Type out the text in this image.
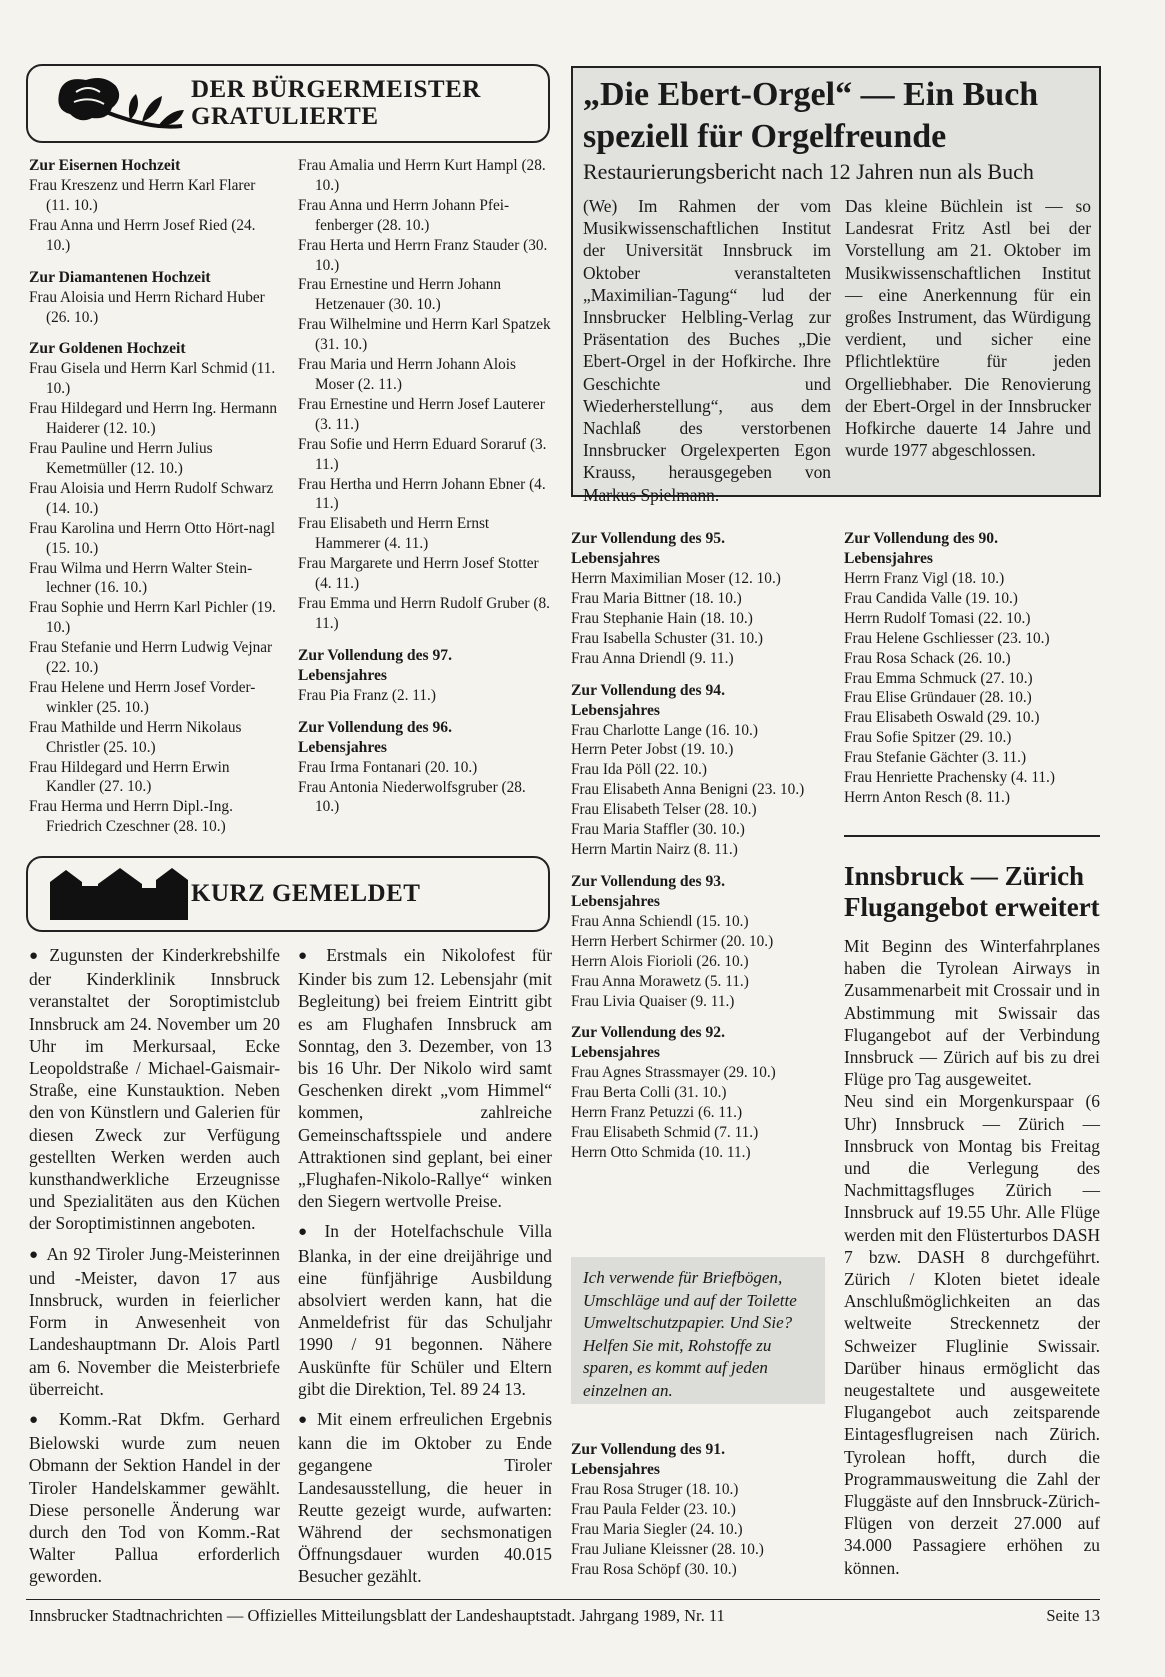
DER BÜRGERMEISTER
GRATULIERTE
Zur Eisernen Hochzeit

Frau Kreszenz und Herrn Karl Flarer (11. 10.)

Frau Anna und Herrn Josef Ried (24. 10.)

Zur Diamantenen Hochzeit

Frau Aloisia und Herrn Richard Huber (26. 10.)

Zur Goldenen Hochzeit

Frau Gisela und Herrn Karl Schmid (11. 10.)

Frau Hildegard und Herrn Ing. Hermann Haiderer (12. 10.)

Frau Pauline und Herrn Julius Kemetmüller (12. 10.)

Frau Aloisia und Herrn Rudolf Schwarz (14. 10.)

Frau Karolina und Herrn Otto Hört-nagl (15. 10.)

Frau Wilma und Herrn Walter Stein-lechner (16. 10.)

Frau Sophie und Herrn Karl Pichler (19. 10.)

Frau Stefanie und Herrn Ludwig Vejnar (22. 10.)

Frau Helene und Herrn Josef Vorder-winkler (25. 10.)

Frau Mathilde und Herrn Nikolaus Christler (25. 10.)

Frau Hildegard und Herrn Erwin Kandler (27. 10.)

Frau Herma und Herrn Dipl.-Ing. Friedrich Czeschner (28. 10.)

Frau Amalia und Herrn Kurt Hampl (28. 10.)

Frau Anna und Herrn Johann Pfei-fenberger (28. 10.)

Frau Herta und Herrn Franz Stauder (30. 10.)

Frau Ernestine und Herrn Johann Hetzenauer (30. 10.)

Frau Wilhelmine und Herrn Karl Spatzek (31. 10.)

Frau Maria und Herrn Johann Alois Moser (2. 11.)

Frau Ernestine und Herrn Josef Lauterer (3. 11.)

Frau Sofie und Herrn Eduard Soraruf (3. 11.)

Frau Hertha und Herrn Johann Ebner (4. 11.)

Frau Elisabeth und Herrn Ernst Hammerer (4. 11.)

Frau Margarete und Herrn Josef Stotter (4. 11.)

Frau Emma und Herrn Rudolf Gruber (8. 11.)

Zur Vollendung des 97. Lebensjahres

Frau Pia Franz (2. 11.)

Zur Vollendung des 96. Lebensjahres

Frau Irma Fontanari (20. 10.)

Frau Antonia Niederwolfsgruber (28. 10.)

Zur Vollendung des 95. Lebensjahres

Herrn Maximilian Moser (12. 10.)

Frau Maria Bittner (18. 10.)

Frau Stephanie Hain (18. 10.)

Frau Isabella Schuster (31. 10.)

Frau Anna Driendl (9. 11.)

Zur Vollendung des 94. Lebensjahres

Frau Charlotte Lange (16. 10.)

Herrn Peter Jobst (19. 10.)

Frau Ida Pöll (22. 10.)

Frau Elisabeth Anna Benigni (23. 10.)

Frau Elisabeth Telser (28. 10.)

Frau Maria Staffler (30. 10.)

Herrn Martin Nairz (8. 11.)

Zur Vollendung des 93. Lebensjahres

Frau Anna Schiendl (15. 10.)

Herrn Herbert Schirmer (20. 10.)

Herrn Alois Fiorioli (26. 10.)

Frau Anna Morawetz (5. 11.)

Frau Livia Quaiser (9. 11.)

Zur Vollendung des 92. Lebensjahres

Frau Agnes Strassmayer (29. 10.)

Frau Berta Colli (31. 10.)

Herrn Franz Petuzzi (6. 11.)

Frau Elisabeth Schmid (7. 11.)

Herrn Otto Schmida (10. 11.)

Zur Vollendung des 91. Lebensjahres

Frau Rosa Struger (18. 10.)

Frau Paula Felder (23. 10.)

Frau Maria Siegler (24. 10.)

Frau Juliane Kleissner (28. 10.)

Frau Rosa Schöpf (30. 10.)

Zur Vollendung des 90. Lebensjahres

Herrn Franz Vigl (18. 10.)

Frau Candida Valle (19. 10.)

Herrn Rudolf Tomasi (22. 10.)

Frau Helene Gschliesser (23. 10.)

Frau Rosa Schack (26. 10.)

Frau Emma Schmuck (27. 10.)

Frau Elise Gründauer (28. 10.)

Frau Elisabeth Oswald (29. 10.)

Frau Sofie Spitzer (29. 10.)

Frau Stefanie Gächter (3. 11.)

Frau Henriette Prachensky (4. 11.)

Herrn Anton Resch (8. 11.)

„Die Ebert-Orgel“ — Ein Buch speziell für Orgelfreunde
Restaurierungsbericht nach 12 Jahren nun als Buch
(We) Im Rahmen der vom Musikwissenschaftlichen Institut der Universität Innsbruck im Oktober veranstalteten „Maximilian-Tagung“ lud der Innsbrucker Helbling-Verlag zur Präsentation des Buches „Die Ebert-Orgel in der Hofkirche. Ihre Geschichte und Wiederherstellung“, aus dem Nachlaß des verstorbenen Innsbrucker Orgelexperten Egon Krauss, herausgegeben von Markus Spielmann.
Das kleine Büchlein ist — so Landesrat Fritz Astl bei der Vorstellung am 21. Oktober im Musikwissenschaftlichen Institut — eine Anerkennung für ein großes Instrument, das Würdigung verdient, und sicher eine Pflichtlektüre für jeden Orgelliebhaber. Die Renovierung der Ebert-Orgel in der Innsbrucker Hofkirche dauerte 14 Jahre und wurde 1977 abgeschlossen.
KURZ GEMELDET

● Zugunsten der Kinderkrebshilfe der Kinderklinik Innsbruck veranstaltet der Soroptimistclub Innsbruck am 24. November um 20 Uhr im Merkursaal, Ecke Leopoldstraße / Michael-Gaismair-Straße, eine Kunstauktion. Neben den von Künstlern und Galerien für diesen Zweck zur Verfügung gestellten Werken werden auch kunsthandwerkliche Erzeugnisse und Spezialitäten aus den Küchen der Soroptimistinnen angeboten.

● An 92 Tiroler Jung-Meisterinnen und -Meister, davon 17 aus Innsbruck, wurden in feierlicher Form in Anwesenheit von Landeshauptmann Dr. Alois Partl am 6. November die Meisterbriefe überreicht.

● Komm.-Rat Dkfm. Gerhard Bielowski wurde zum neuen Obmann der Sektion Handel in der Tiroler Handelskammer gewählt. Diese personelle Änderung war durch den Tod von Komm.-Rat Walter Pallua erforderlich geworden.

● Erstmals ein Nikolofest für Kinder bis zum 12. Lebensjahr (mit Begleitung) bei freiem Eintritt gibt es am Flughafen Innsbruck am Sonntag, den 3. Dezember, von 13 bis 16 Uhr. Der Nikolo wird samt Geschenken direkt „vom Himmel“ kommen, zahlreiche Gemeinschaftsspiele und andere Attraktionen sind geplant, bei einer „Flughafen-Nikolo-Rallye“ winken den Siegern wertvolle Preise.

● In der Hotelfachschule Villa Blanka, in der eine dreijährige und eine fünfjährige Ausbildung absolviert werden kann, hat die Anmeldefrist für das Schuljahr 1990 / 91 begonnen. Nähere Auskünfte für Schüler und Eltern gibt die Direktion, Tel. 89 24 13.

● Mit einem erfreulichen Ergebnis kann die im Oktober zu Ende gegangene Tiroler Landesausstellung, die heuer in Reutte gezeigt wurde, aufwarten: Während der sechsmonatigen Öffnungsdauer wurden 40.015 Besucher gezählt.

Ich verwende für Briefbögen, Umschläge und auf der Toilette Umweltschutzpapier. Und Sie? Helfen Sie mit, Rohstoffe zu sparen, es kommt auf jeden einzelnen an.
Innsbruck — Zürich Flugangebot erweitert

Mit Beginn des Winterfahrplanes haben die Tyrolean Airways in Zusammenarbeit mit Crossair und in Abstimmung mit Swissair das Flugangebot auf der Verbindung Innsbruck — Zürich auf bis zu drei Flüge pro Tag ausgeweitet.

Neu sind ein Morgenkurspaar (6 Uhr) Innsbruck — Zürich — Innsbruck von Montag bis Freitag und die Verlegung des Nachmittagsfluges Zürich — Innsbruck auf 19.55 Uhr. Alle Flüge werden mit den Flüsterturbos DASH 7 bzw. DASH 8 durchgeführt. Zürich / Kloten bietet ideale Anschlußmöglichkeiten an das weltweite Streckennetz der Schweizer Fluglinie Swissair. Darüber hinaus ermöglicht das neugestaltete und ausgeweitete Flugangebot auch zeitsparende Eintagesflugreisen nach Zürich. Tyrolean hofft, durch die Programmausweitung die Zahl der Fluggäste auf den Innsbruck-Zürich-Flügen von derzeit 27.000 auf 34.000 Passagiere erhöhen zu können.

Innsbrucker Stadtnachrichten — Offizielles Mitteilungsblatt der Landeshauptstadt. Jahrgang 1989, Nr. 11	Seite 13
